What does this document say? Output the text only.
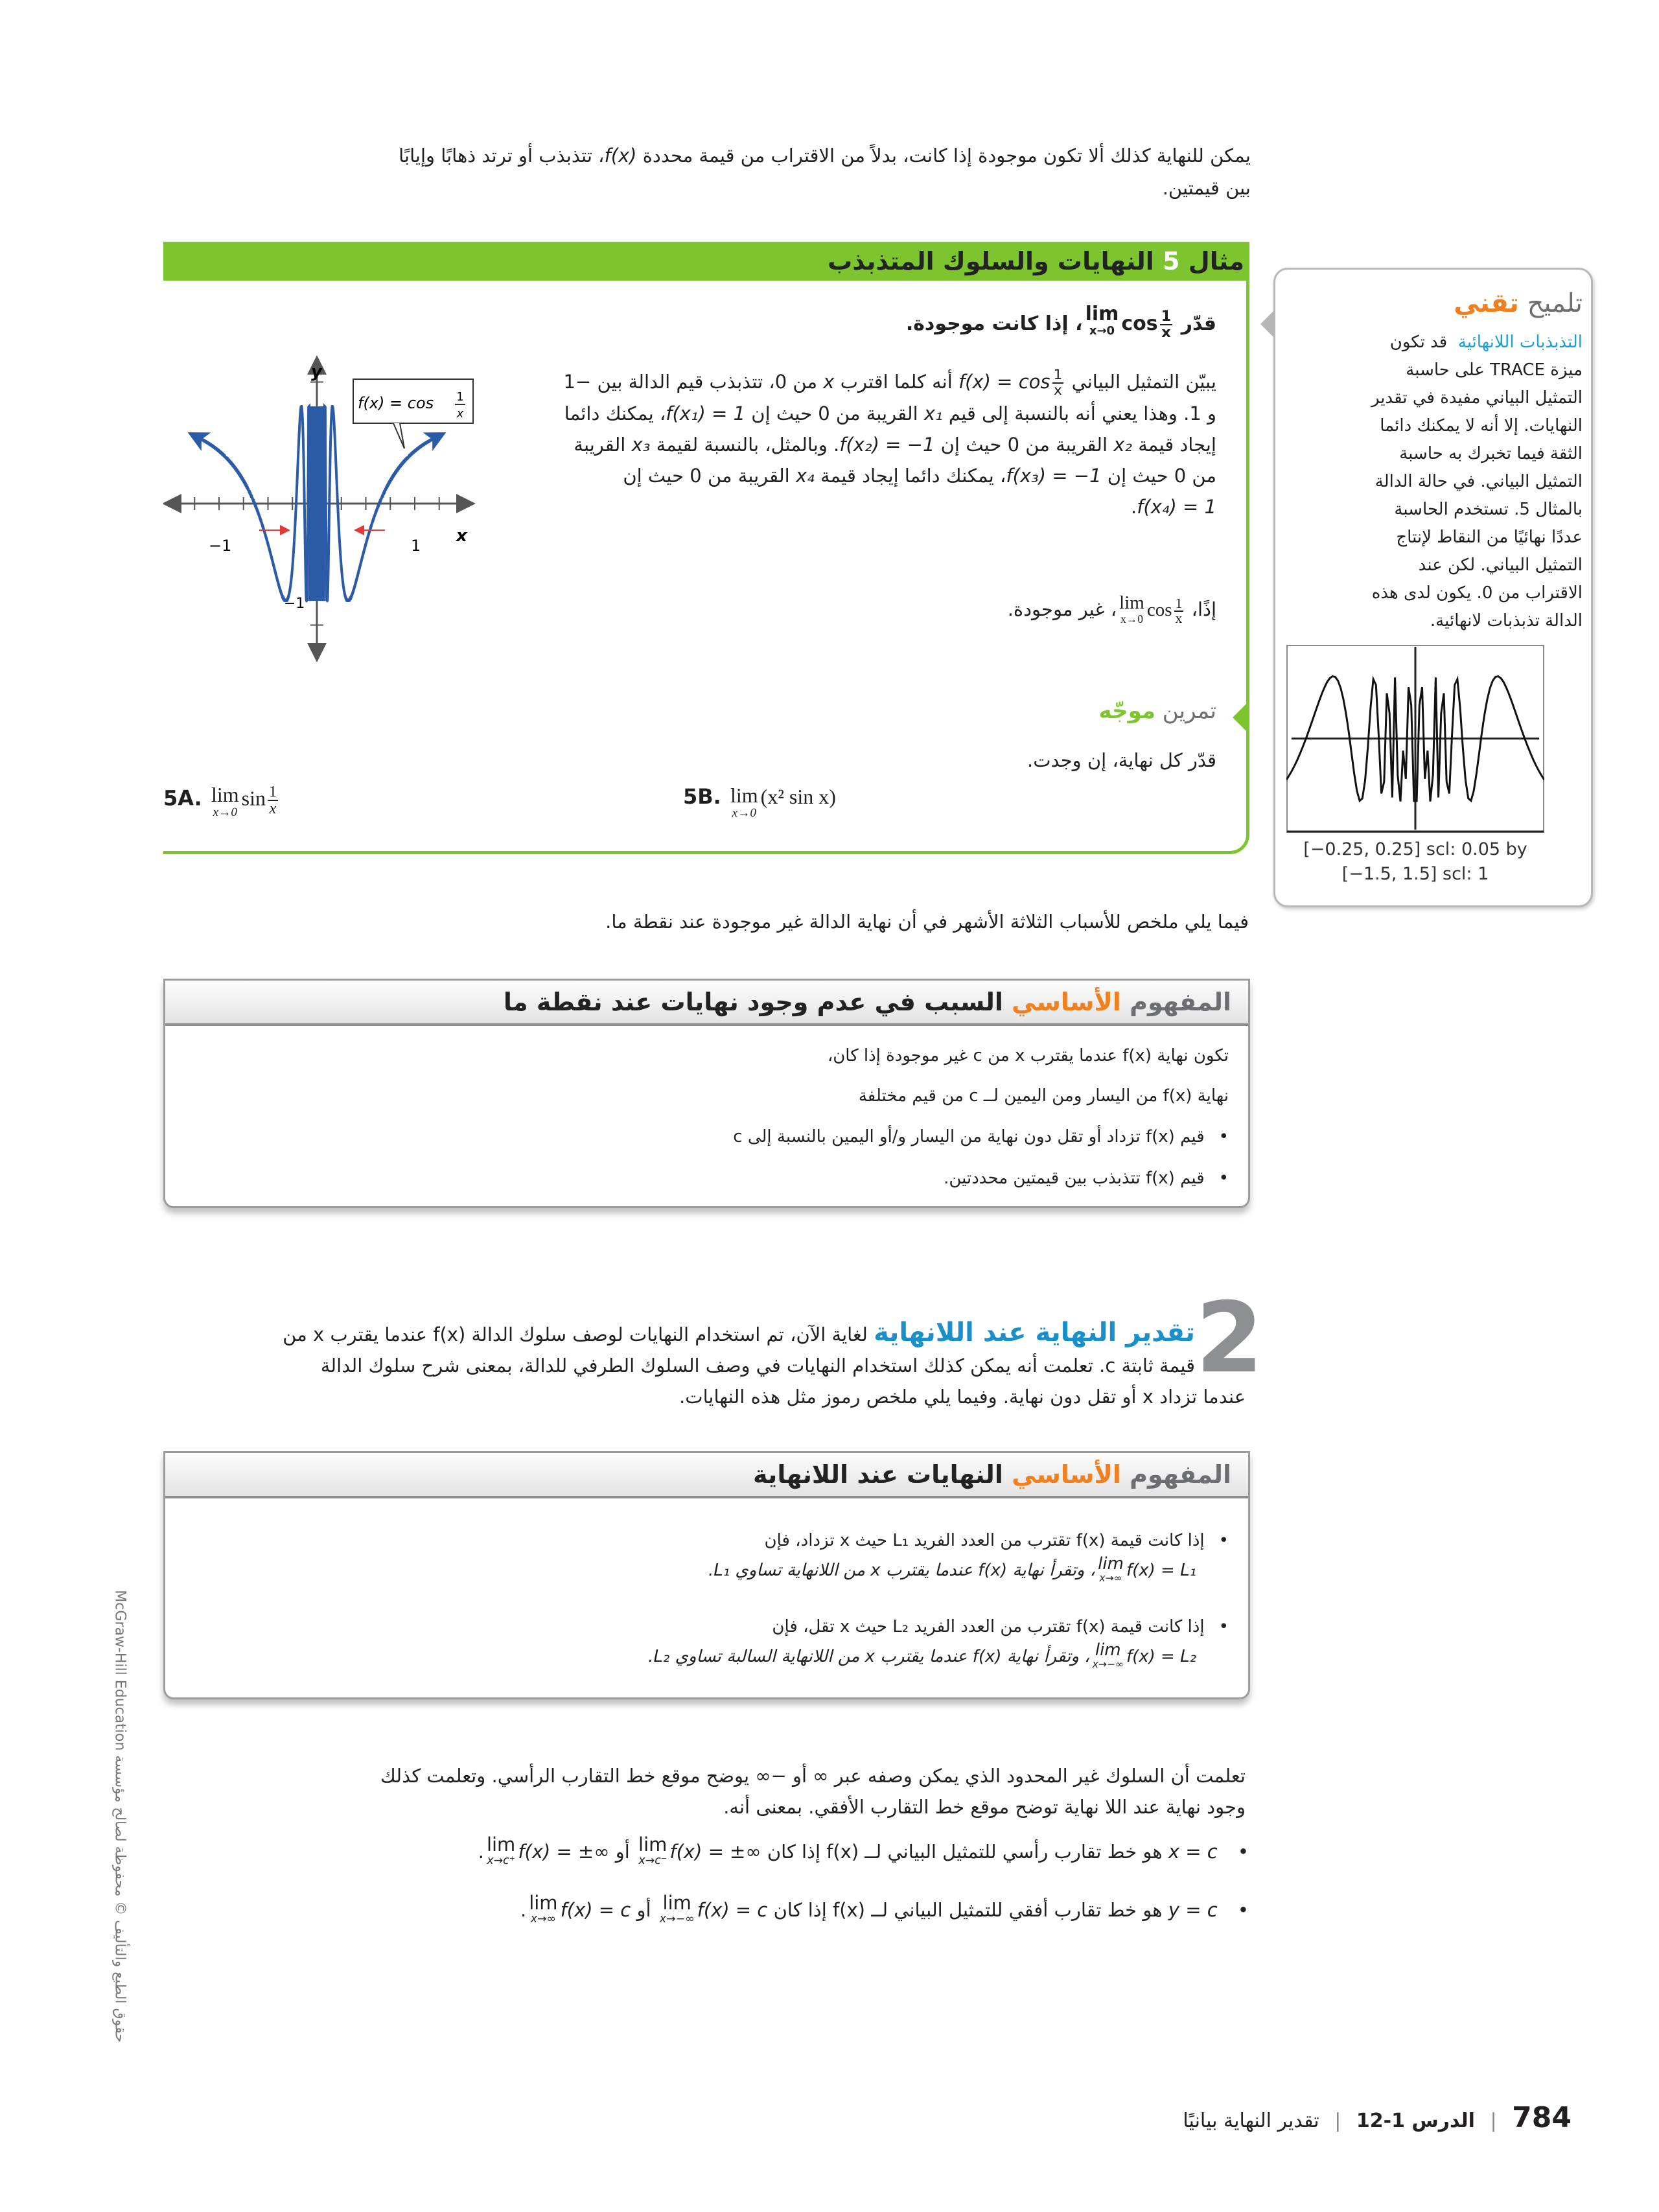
يمكن للنهاية كذلك ألا تكون موجودة إذا كانت، بدلاً من الاقتراب من قيمة محددة f(x)، تتذبذب أو ترتد ذهابًا وإيابًا
بين قيمتين.
مثال 5 النهايات والسلوك المتذبذب
قدّر
lim
x→0 $\cos \frac{1}{x}$
، إذا كانت موجودة.
يبيّن التمثيل البياني $f(x) = \cos \frac{1}{x}$
أنه كلما اقترب x من 0، تتذبذب قيم الدالة بين −1 و 1. وهذا يعني أنه بالنسبة إلى قيم x₁ القريبة من 0 حيث إن f(x₁) = 1، يمكنك دائما إيجاد قيمة x₂ القريبة من 0 حيث إن f(x₂) = −1. وبالمثل، بالنسبة لقيمة x₃ القريبة من 0 حيث إن f(x₃) = −1، يمكنك دائما إيجاد قيمة x₄ القريبة من 0 حيث إن f(x₄) = 1.
إذًا،
lim
x→0 $\cos \frac{1}{x}$
، غير موجودة.
f(x) = cos 1
x
y
x
−1	1
−1
تمرين موجّه
قدّر كل نهاية، إن وجدت.
5A. lim
x→0
$\sin \frac{1}{x}$	5B. lim
x→0
(x² sin x)
تلميح تقني
التذبذبات اللانهائية  قد تكون
ميزة TRACE على حاسبة
التمثيل البياني مفيدة في تقدير
النهايات. إلا أنه لا يمكنك دائما
الثقة فيما تخبرك به حاسبة
التمثيل البياني. في حالة الدالة
بالمثال 5. تستخدم الحاسبة
عددًا نهائيًا من النقاط لإنتاج
التمثيل البياني. لكن عند
الاقتراب من 0. يكون لدى هذه
الدالة تذبذبات لانهائية.
[−0.25, 0.25] scl: 0.05 by
[−1.5, 1.5] scl: 1
فيما يلي ملخص للأسباب الثلاثة الأشهر في أن نهاية الدالة غير موجودة عند نقطة ما.
المفهوم الأساسي السبب في عدم وجود نهايات عند نقطة ما
تكون نهاية f(x) عندما يقترب x من c غير موجودة إذا كان،
نهاية f(x) من اليسار ومن اليمين لــ c من قيم مختلفة
• قيم f(x) تزداد أو تقل دون نهاية من اليسار و/أو اليمين بالنسبة إلى c
• قيم f(x) تتذبذب بين قيمتين محددتين.
2
تقدير النهاية عند اللانهاية لغاية الآن، تم استخدام النهايات لوصف سلوك الدالة f(x) عندما يقترب x من
قيمة ثابتة c. تعلمت أنه يمكن كذلك استخدام النهايات في وصف السلوك الطرفي للدالة، بمعنى شرح سلوك الدالة
عندما تزداد x أو تقل دون نهاية. وفيما يلي ملخص رموز مثل هذه النهايات.
المفهوم الأساسي النهايات عند اللانهاية
• إذا كانت قيمة f(x) تقترب من العدد الفريد L₁ حيث x تزداد، فإن
lim
x→∞ f(x) = L₁، وتقرأ نهاية f(x) عندما يقترب x من اللانهاية تساوي L₁.
• إذا كانت قيمة f(x) تقترب من العدد الفريد L₂ حيث x تقل، فإن
lim
x→−∞ f(x) = L₂، وتقرأ نهاية f(x) عندما يقترب x من اللانهاية السالبة تساوي L₂.
تعلمت أن السلوك غير المحدود الذي يمكن وصفه عبر ∞ أو −∞ يوضح موقع خط التقارب الرأسي. وتعلمت كذلك
وجود نهاية عند اللا نهاية توضح موقع خط التقارب الأفقي. بمعنى أنه.
• x = c هو خط تقارب رأسي للتمثيل البياني لــ f(x) إذا كان
lim
x→c⁻ f(x) = ±∞ أو
lim
x→c⁺ f(x) = ±∞.
• y = c هو خط تقارب أفقي للتمثيل البياني لــ f(x) إذا كان
lim
x→−∞ f(x) = c أو
lim
x→∞ f(x) = c.
حقوق الطبع والتأليف © محفوظة لصالح مؤسسة McGraw-Hill Education
784 | الدرس 1-12 | تقدير النهاية بيانيًا
